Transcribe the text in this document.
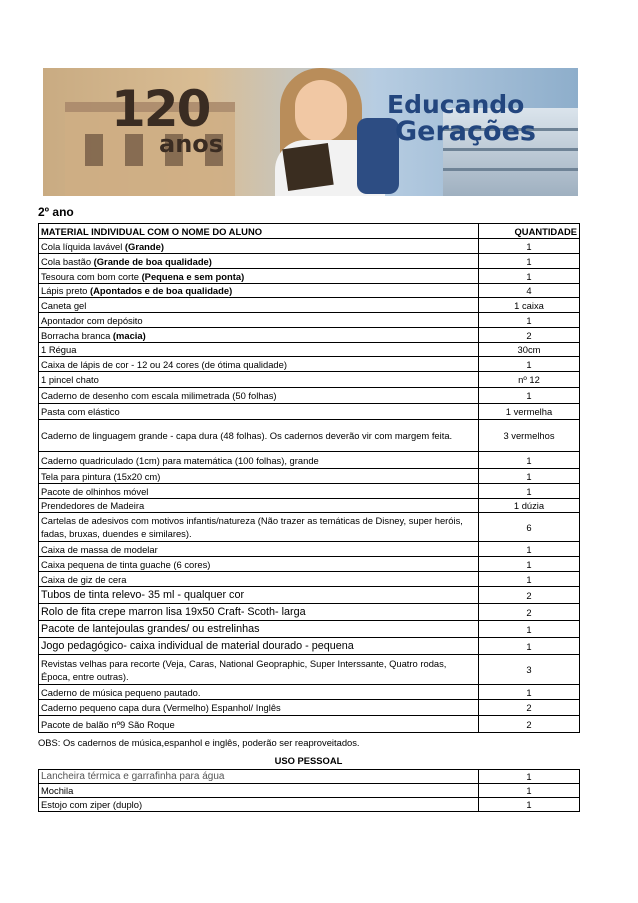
120
anos
Educando
Gerações
2º ano
MATERIAL INDIVIDUAL COM O NOME DO ALUNO	QUANTIDADE
Cola líquida lavável (Grande)	1
Cola bastão (Grande de boa qualidade)	1
Tesoura com bom corte (Pequena e sem ponta)	1
Lápis preto (Apontados e de boa qualidade)	4
Caneta gel	1 caixa
Apontador com depósito	1
Borracha branca (macia)	2
1 Régua	30cm
Caixa de lápis de cor - 12 ou 24 cores (de ótima qualidade)	1
1 pincel chato	nº 12
Caderno de desenho com escala milimetrada (50 folhas)	1
Pasta com elástico	1 vermelha
Caderno de linguagem grande - capa dura (48 folhas). Os cadernos deverão vir com margem feita.	3 vermelhos
Caderno quadriculado (1cm) para matemática (100 folhas), grande	1
Tela para pintura (15x20 cm)	1
Pacote de olhinhos móvel	1
Prendedores de Madeira	1 dúzia
Cartelas de adesivos com motivos infantis/natureza (Não trazer as temáticas de Disney, super heróis, fadas, bruxas, duendes e similares).	6
Caixa de massa de modelar	1
Caixa pequena de tinta guache (6 cores)	1
Caixa de giz de cera	1
Tubos de tinta relevo- 35 ml - qualquer cor	2
Rolo de fita crepe marron lisa 19x50 Craft- Scoth- larga	2
Pacote de lantejoulas grandes/ ou estrelinhas	1
Jogo pedagógico- caixa individual de material dourado - pequena	1
Revistas velhas para recorte (Veja, Caras, National Geopraphic, Super Interssante, Quatro rodas, Época, entre outras).	3
Caderno de música pequeno pautado.	1
Caderno pequeno capa dura (Vermelho) Espanhol/ Inglês	2
Pacote de balão nº9 São Roque	2
OBS: Os cadernos de música,espanhol e inglês, poderão ser reaproveitados.
USO PESSOAL
Lancheira térmica e garrafinha para água	1
Mochila	1
Estojo com ziper (duplo)	1
